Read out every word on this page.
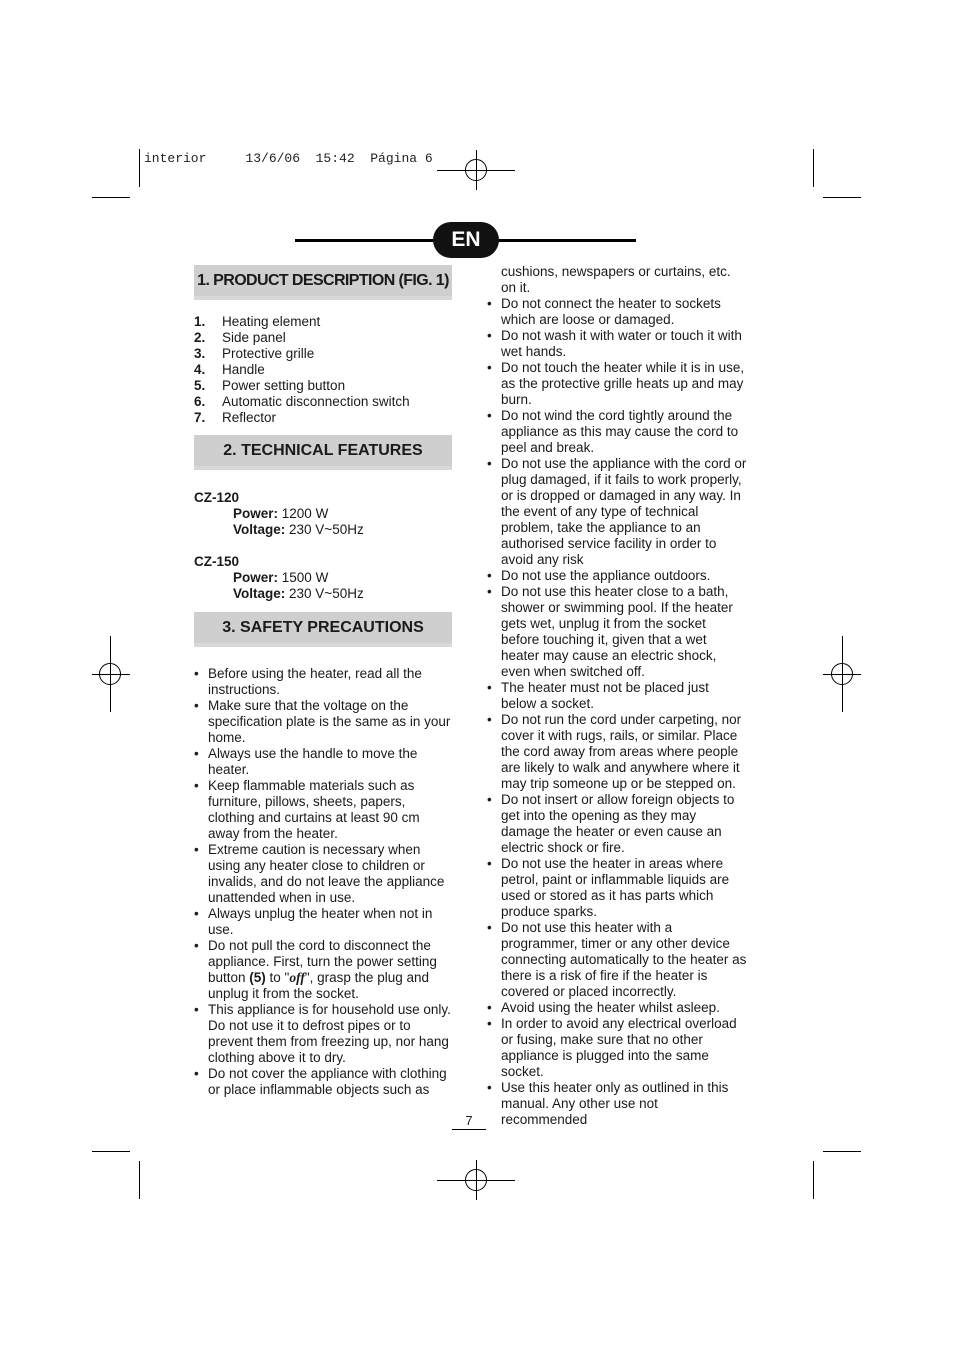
interior     13/6/06  15:42  Página 6
EN
1. PRODUCT DESCRIPTION (FIG. 1)
1. Heating element
2. Side panel
3. Protective grille
4. Handle
5. Power setting button
6. Automatic disconnection switch
7. Reflector
2. TECHNICAL FEATURES
CZ-120
Power: 1200 W
Voltage: 230 V~50Hz
CZ-150
Power: 1500 W
Voltage: 230 V~50Hz
3. SAFETY PRECAUTIONS
• Before using the heater, read all the instructions.
• Make sure that the voltage on the specification plate is the same as in your home.
• Always use the handle to move the heater.
• Keep flammable materials such as furniture, pillows, sheets, papers, clothing and curtains at least 90 cm away from the heater.
• Extreme caution is necessary when using any heater close to children or invalids, and do not leave the appliance unattended when in use.
• Always unplug the heater when not in use.
• Do not pull the cord to disconnect the appliance. First, turn the power setting button (5) to "off", grasp the plug and unplug it from the socket.
• This appliance is for household use only. Do not use it to defrost pipes or to prevent them from freezing up, nor hang clothing above it to dry.
• Do not cover the appliance with clothing or place inflammable objects such as
cushions, newspapers or curtains, etc. on it.
• Do not connect the heater to sockets which are loose or damaged.
• Do not wash it with water or touch it with wet hands.
• Do not touch the heater while it is in use, as the protective grille heats up and may burn.
• Do not wind the cord tightly around the appliance as this may cause the cord to peel and break.
• Do not use the appliance with the cord or plug damaged, if it fails to work properly, or is dropped or damaged in any way. In the event of any type of technical problem, take the appliance to an authorised service facility in order to avoid any risk
• Do not use the appliance outdoors.
• Do not use this heater close to a bath, shower or swimming pool. If the heater gets wet, unplug it from the socket before touching it, given that a wet heater may cause an electric shock, even when switched off.
• The heater must not be placed just below a socket.
• Do not run the cord under carpeting, nor cover it with rugs, rails, or similar. Place the cord away from areas where people are likely to walk and anywhere where it may trip someone up or be stepped on.
• Do not insert or allow foreign objects to get into the opening as they may damage the heater or even cause an electric shock or fire.
• Do not use the heater in areas where petrol, paint or inflammable liquids are used or stored as it has parts which produce sparks.
• Do not use this heater with a programmer, timer or any other device connecting automatically to the heater as there is a risk of fire if the heater is covered or placed incorrectly.
• Avoid using the heater whilst asleep.
• In order to avoid any electrical overload or fusing, make sure that no other appliance is plugged into the same socket.
• Use this heater only as outlined in this manual. Any other use not recommended
7
